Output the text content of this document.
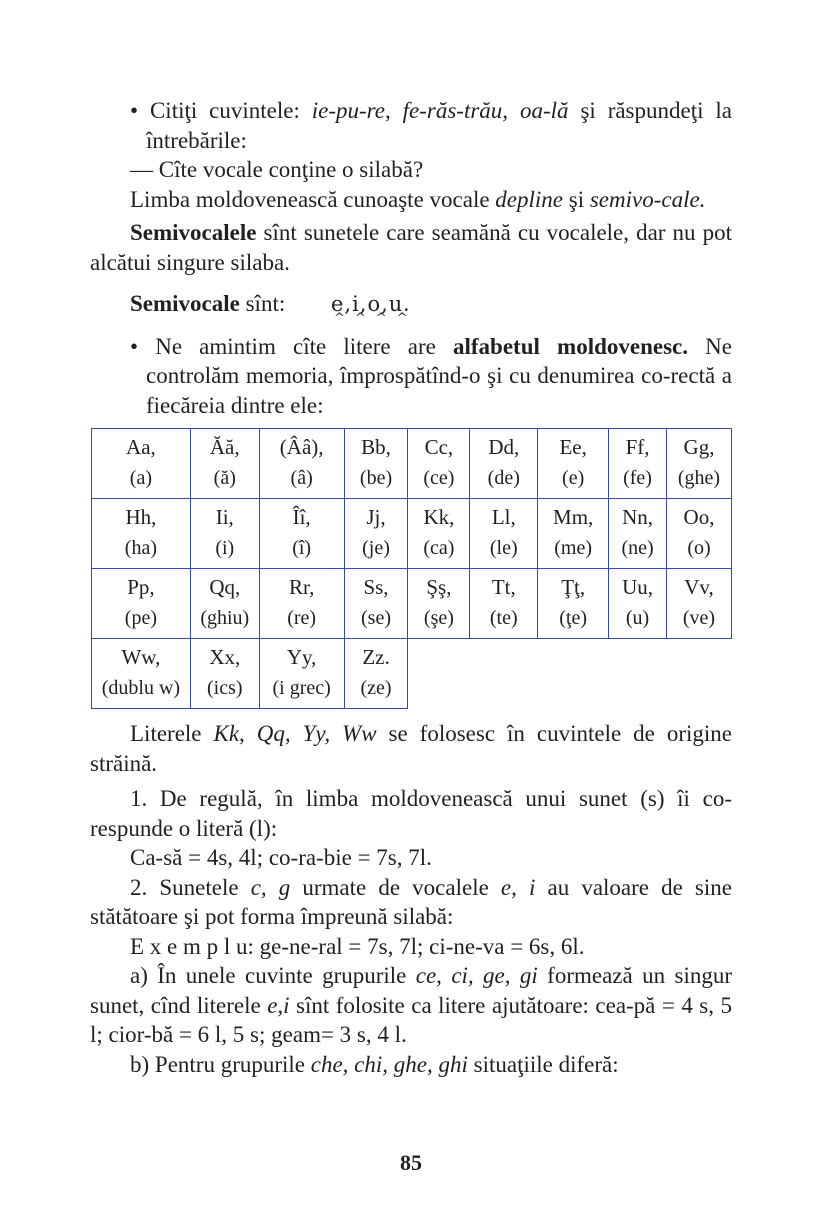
• Citiţi cuvintele: ie-pu-re, fe-răs-trău, oa-lă şi răspundeţi la întrebările:

— Cîte vocale conţine o silabă?

Limba moldovenească cunoaşte vocale depline şi semivo-cale.

Semivocalele sînt sunetele care seamănă cu vocalele, dar nu pot alcătui singure silaba.

Semivocale sînt: e,i,o,u
^^^^
.

• Ne amintim cîte litere are alfabetul moldovenesc. Ne controlăm memoria, împrospătînd-o şi cu denumirea co-rectă a fiecăreia dintre ele:

Aa,
(a)	Ăă,
(ă)	(Ââ),
(â)	Bb,
(be)	Cc,
(ce)	Dd,
(de)	Ee,
(e)	Ff,
(fe)	Gg,
(ghe)

Hh,
(ha)	Ii,
(i)	Îî,
(î)	Jj,
(je)	Kk,
(ca)	Ll,
(le)	Mm,
(me)	Nn,
(ne)	Oo,
(o)

Pp,
(pe)	Qq,
(ghiu)	Rr,
(re)	Ss,
(se)	Şş,
(şe)	Tt,
(te)	Ţţ,
(ţe)	Uu,
(u)	Vv,
(ve)

Ww,
(dublu w)	Xx,
(ics)	Yy,
(i grec)	Zz.
(ze)					

Literele Kk, Qq, Yy, Ww se folosesc în cuvintele de origine străină.

1. De regulă, în limba moldovenească unui sunet (s) îi co-respunde o literă (l):

Ca-să = 4s, 4l; co-ra-bie = 7s, 7l.

2. Sunetele c, g urmate de vocalele e, i au valoare de sine stătătoare şi pot forma împreună silabă:

E x e m p l u: ge-ne-ral = 7s, 7l; ci-ne-va = 6s, 6l.

a) În unele cuvinte grupurile ce, ci, ge, gi formează un singur sunet, cînd literele e,i sînt folosite ca litere ajutătoare: cea-pă = 4 s, 5 l; cior-bă = 6 l, 5 s; geam= 3 s, 4 l.

b) Pentru grupurile che, chi, ghe, ghi situaţiile diferă:

85
